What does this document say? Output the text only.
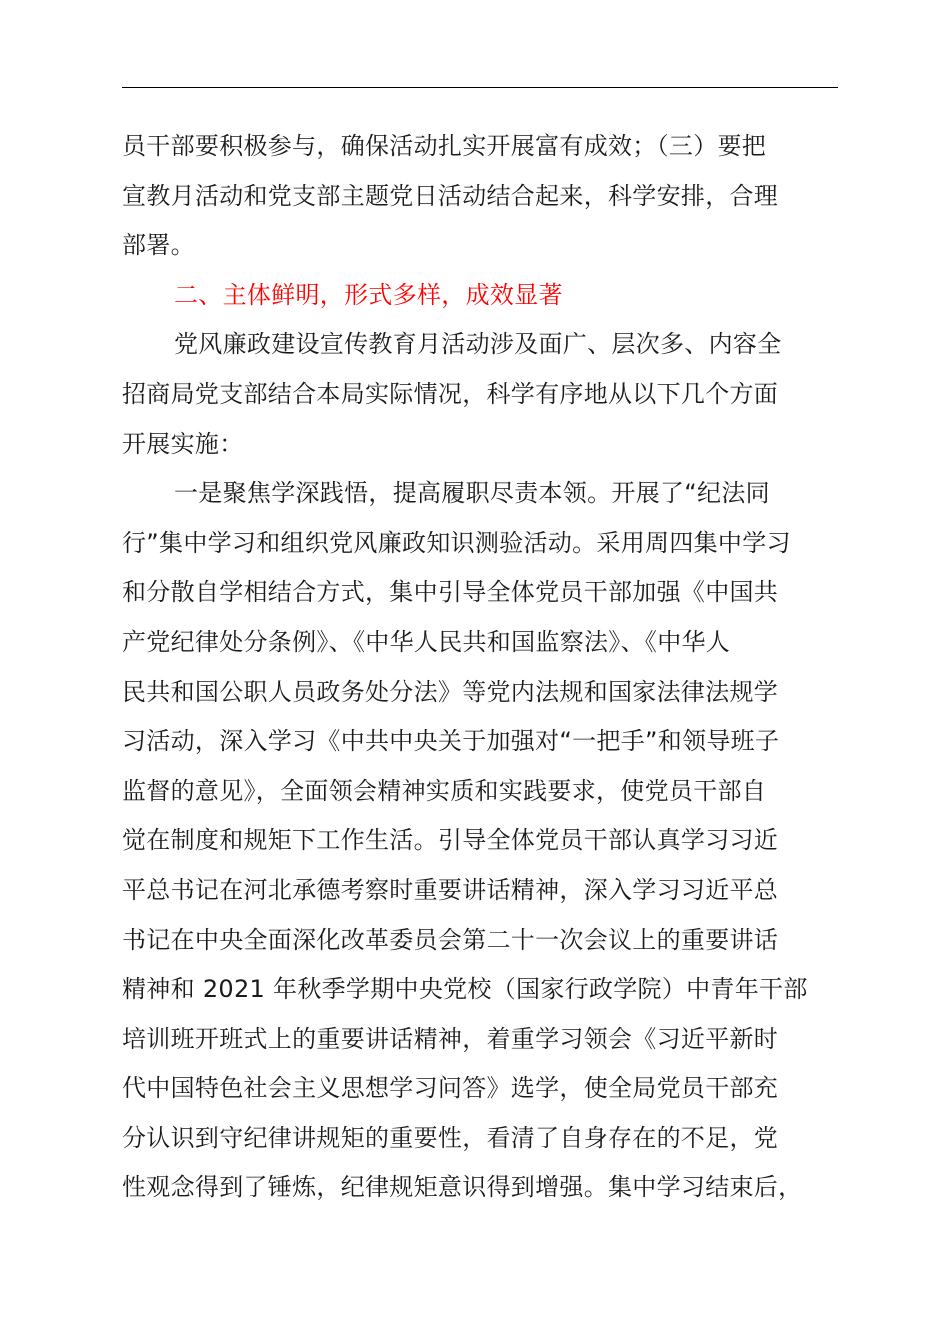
员干部要积极参与，确保活动扎实开展富有成效；（三）要把
宣教月活动和党支部主题党日活动结合起来，科学安排，合理
部署。
二、主体鲜明，形式多样，成效显著
党风廉政建设宣传教育月活动涉及面广、层次多、内容全
招商局党支部结合本局实际情况，科学有序地从以下几个方面
开展实施：
一是聚焦学深践悟，提高履职尽责本领。开展了“纪法同
行”集中学习和组织党风廉政知识测验活动。采用周四集中学习
和分散自学相结合方式，集中引导全体党员干部加强《中国共
产党纪律处分条例》、《中华人民共和国监察法》、《中华人
民共和国公职人员政务处分法》等党内法规和国家法律法规学
习活动，深入学习《中共中央关于加强对“一把手”和领导班子
监督的意见》，全面领会精神实质和实践要求，使党员干部自
觉在制度和规矩下工作生活。引导全体党员干部认真学习习近
平总书记在河北承德考察时重要讲话精神，深入学习习近平总
书记在中央全面深化改革委员会第二十一次会议上的重要讲话
精神和 2021 年秋季学期中央党校（国家行政学院）中青年干部
培训班开班式上的重要讲话精神，着重学习领会《习近平新时
代中国特色社会主义思想学习问答》选学，使全局党员干部充
分认识到守纪律讲规矩的重要性，看清了自身存在的不足，党
性观念得到了锤炼，纪律规矩意识得到增强。集中学习结束后，
